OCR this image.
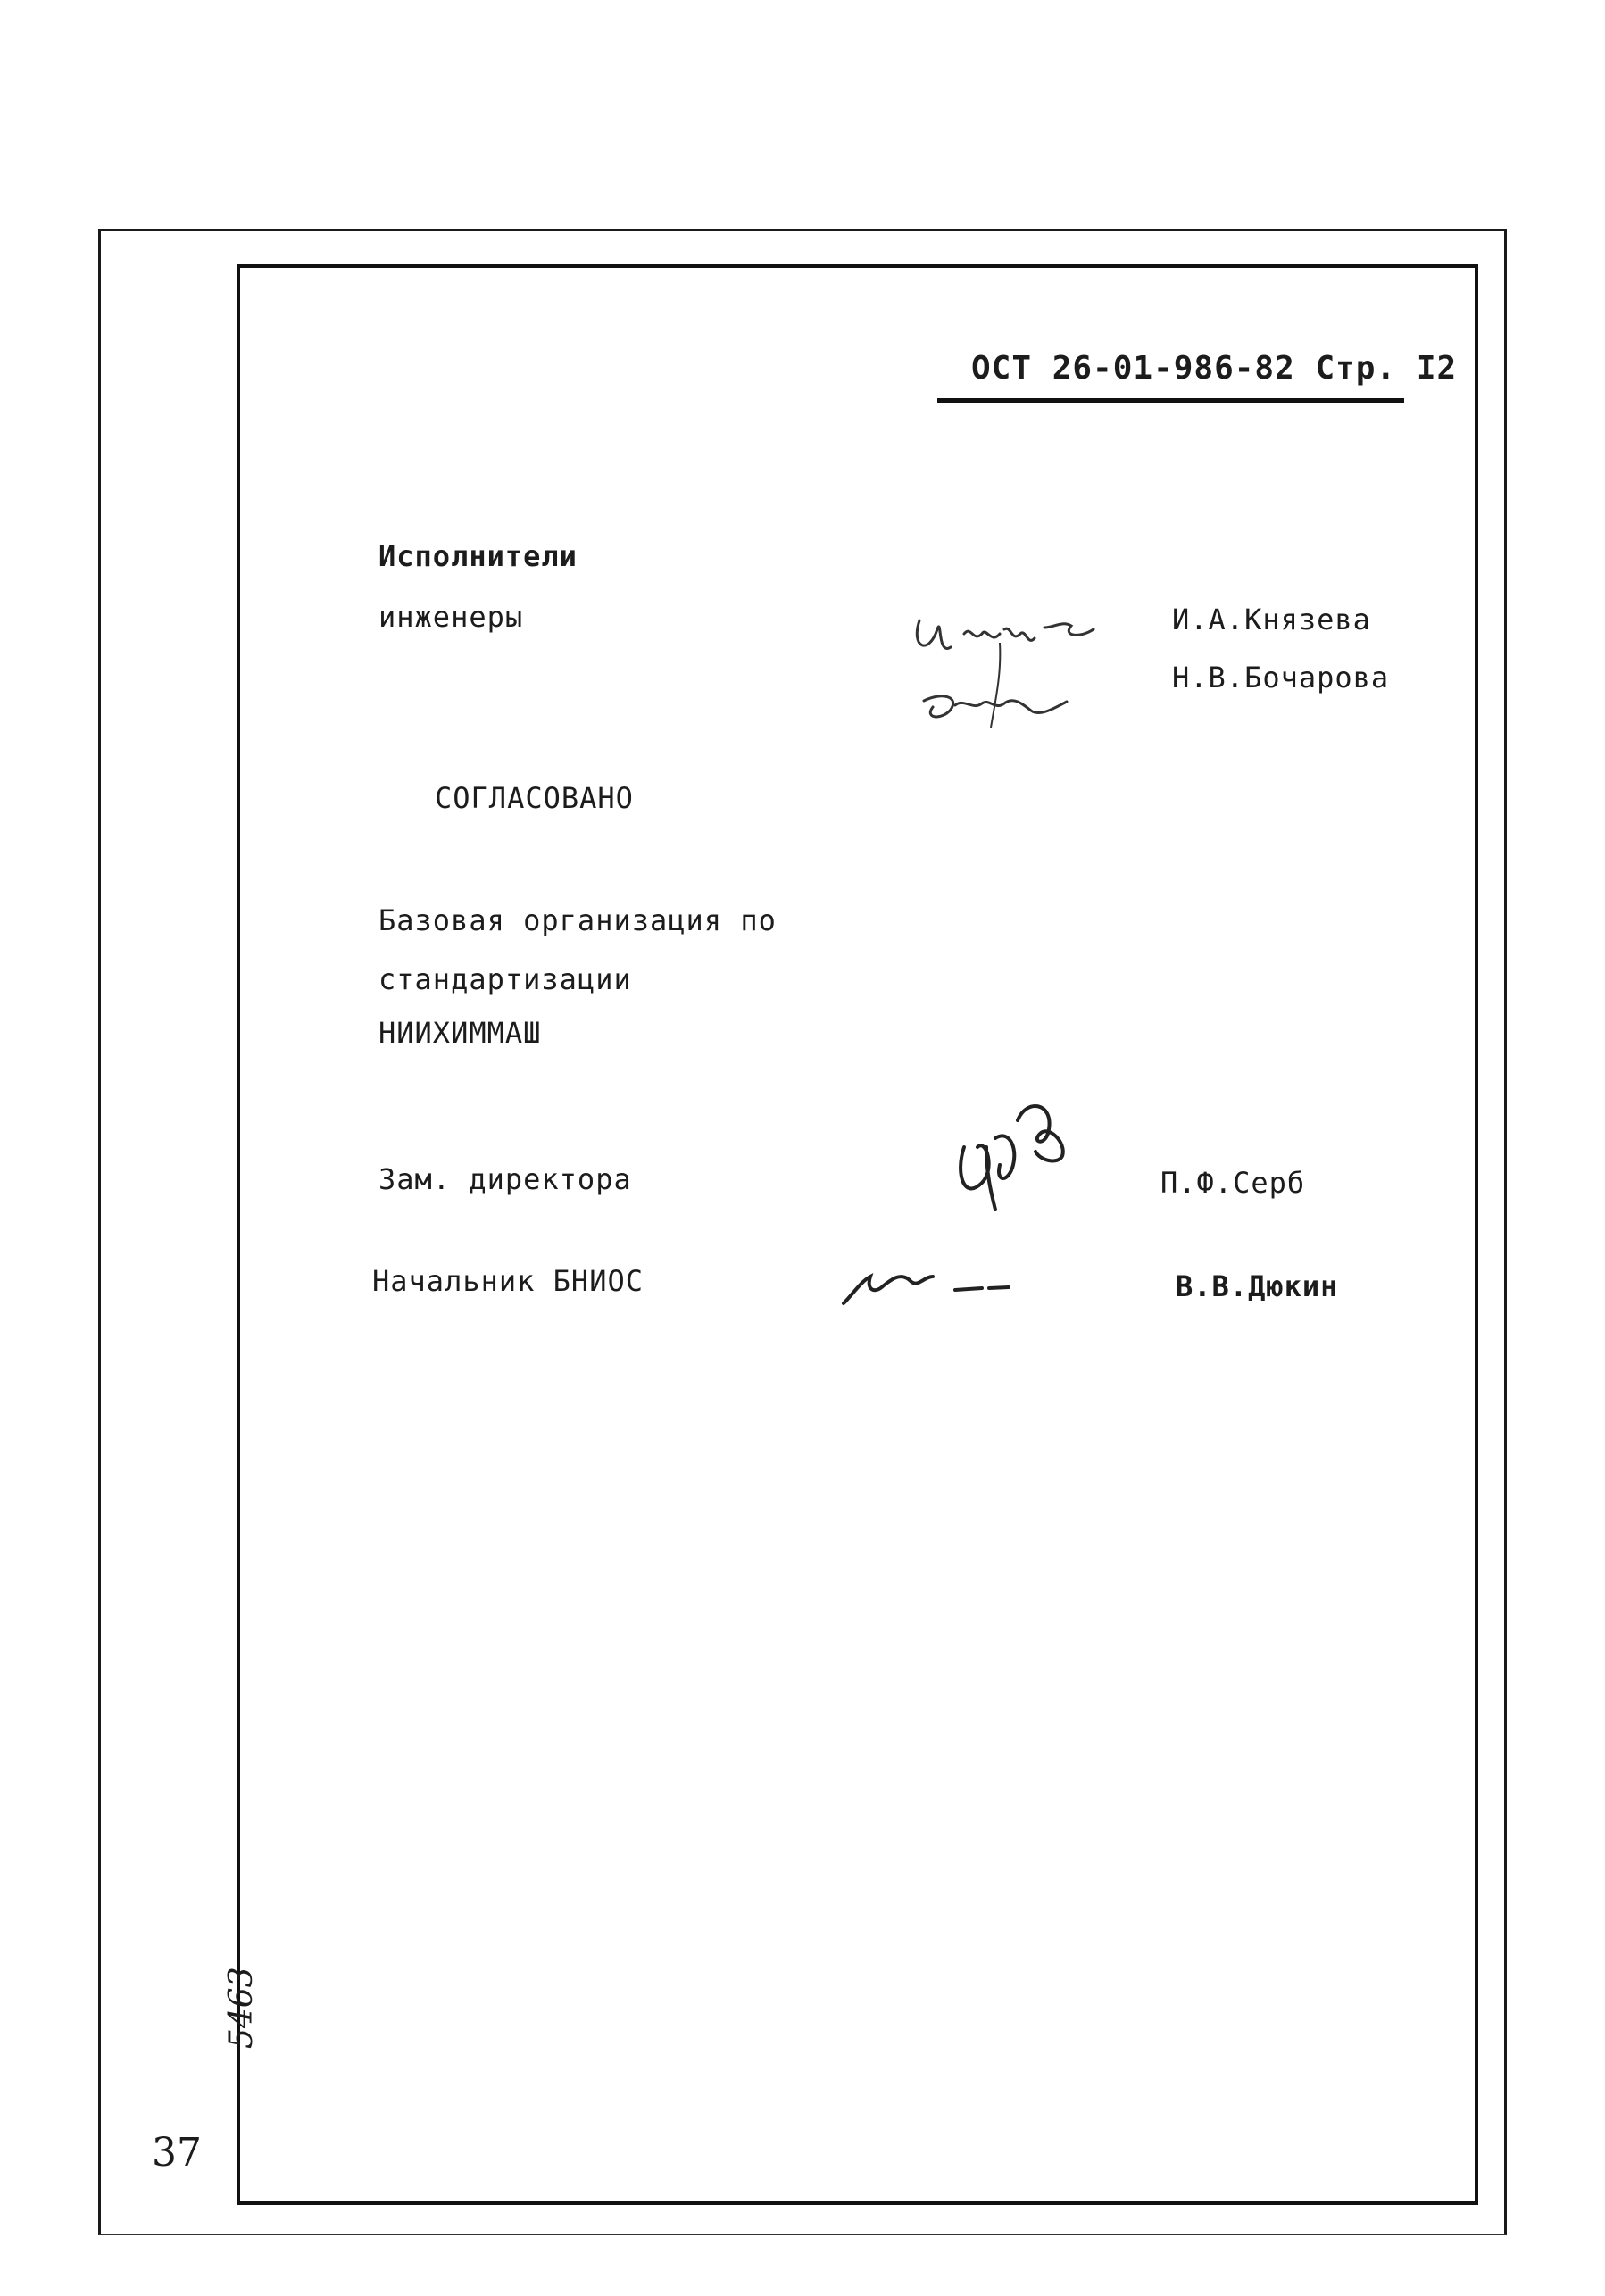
ОСТ 26-01-986-82 Стр. I2
Исполнители
инженеры	И.А.Князева
Н.В.Бочарова
СОГЛАСОВАНО
Базовая организация по
стандартизации
НИИХИММАШ
Зам. директора	П.Ф.Серб
Начальник БНИОС	В.В.Дюкин
37
5463
